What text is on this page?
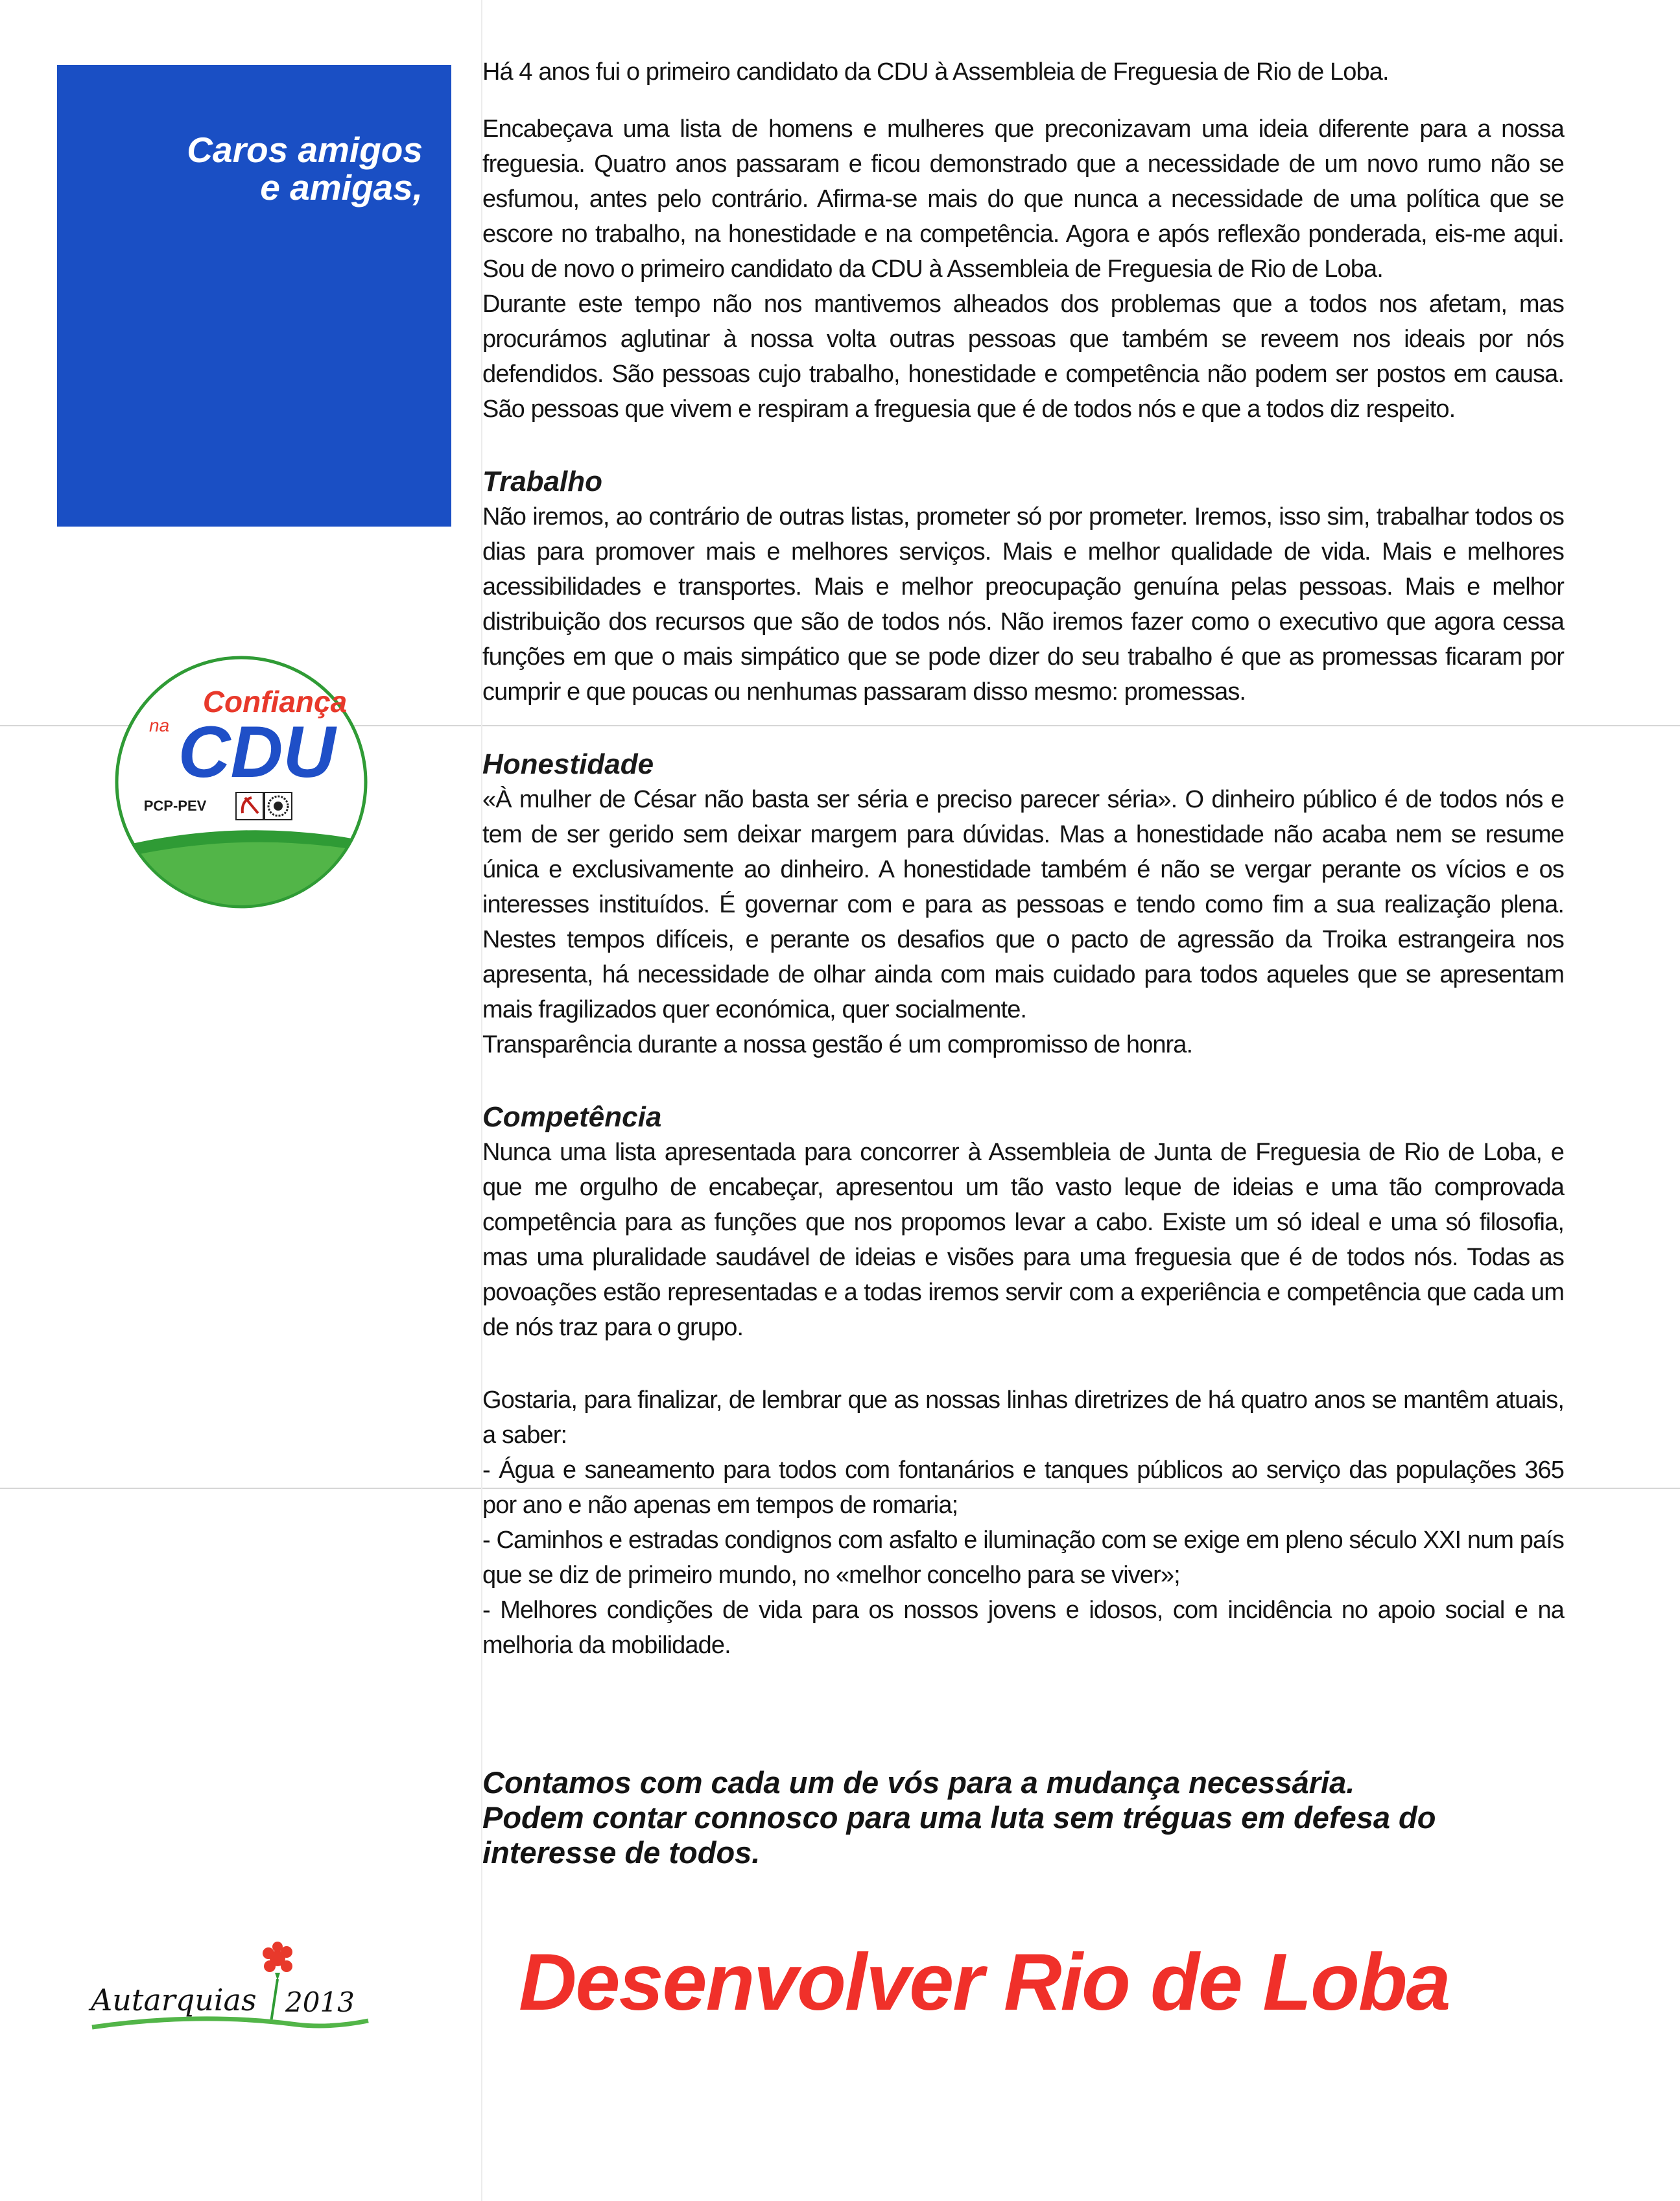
Caros amigos
e amigas,
Confiança
na CDU
PCP-PEV
Autarquias 2013

Há 4 anos fui o primeiro candidato da CDU à Assembleia de Freguesia de Rio de Loba.

Encabeçava uma lista de homens e mulheres que preconizavam uma ideia diferente para a nossa freguesia. Quatro anos passaram e ficou demonstrado que a necessidade de um novo rumo não se esfumou, antes pelo contrário. Afirma-se mais do que nunca a necessidade de uma política que se escore no trabalho, na honestidade e na competência. Agora e após reflexão ponderada, eis-me aqui. Sou de novo o primeiro candidato da CDU à Assembleia de Freguesia de Rio de Loba.

Durante este tempo não nos mantivemos alheados dos problemas que a todos nos afetam, mas procurámos aglutinar à nossa volta outras pessoas que também se reveem nos ideais por nós defendidos. São pessoas cujo trabalho, honestidade e competência não podem ser postos em causa. São pessoas que vivem e respiram a freguesia que é de todos nós e que a todos diz respeito.

Trabalho

Não iremos, ao contrário de outras listas, prometer só por prometer. Iremos, isso sim, trabalhar todos os dias para promover mais e melhores serviços. Mais e melhor qualidade de vida. Mais e melhores acessibilidades e transportes. Mais e melhor preocupação genuína pelas pessoas. Mais e melhor distribuição dos recursos que são de todos nós. Não iremos fazer como o executivo que agora cessa funções em que o mais simpático que se pode dizer do seu trabalho é que as promessas ficaram por cumprir e que poucas ou nenhumas passaram disso mesmo: promessas.

Honestidade

«À mulher de César não basta ser séria e preciso parecer séria». O dinheiro público é de todos nós e tem de ser gerido sem deixar margem para dúvidas. Mas a honestidade não acaba nem se resume única e exclusivamente ao dinheiro. A honestidade também é não se vergar perante os vícios e os interesses instituídos. É governar com e para as pessoas e tendo como fim a sua realização plena. Nestes tempos difíceis, e perante os desafios que o pacto de agressão da Troika estrangeira nos apresenta, há necessidade de olhar ainda com mais cuidado para todos aqueles que se apresentam mais fragilizados quer económica, quer socialmente.

Transparência durante a nossa gestão é um compromisso de honra.

Competência

Nunca uma lista apresentada para concorrer à Assembleia de Junta de Freguesia de Rio de Loba, e que me orgulho de encabeçar, apresentou um tão vasto leque de ideias e uma tão comprovada competência para as funções que nos propomos levar a cabo. Existe um só ideal e uma só filosofia, mas uma pluralidade saudável de ideias e visões para uma freguesia que é de todos nós. Todas as povoações estão representadas e a todas iremos servir com a experiência e competência que cada um de nós traz para o grupo.

Gostaria, para finalizar, de lembrar que as nossas linhas diretrizes de há quatro anos se mantêm atuais, a saber:

- Água e saneamento para todos com fontanários e tanques públicos ao serviço das populações 365 por ano e não apenas em tempos de romaria;

- Caminhos e estradas condignos com asfalto e iluminação com se exige em pleno século XXI num país que se diz de primeiro mundo, no «melhor concelho para se viver»;

- Melhores condições de vida para os nossos jovens e idosos, com incidência no apoio social e na melhoria da mobilidade.

Contamos com cada um de vós para a mudança necessária.

Podem contar connosco para uma luta sem tréguas em defesa do interesse de todos.

Desenvolver Rio de Loba
